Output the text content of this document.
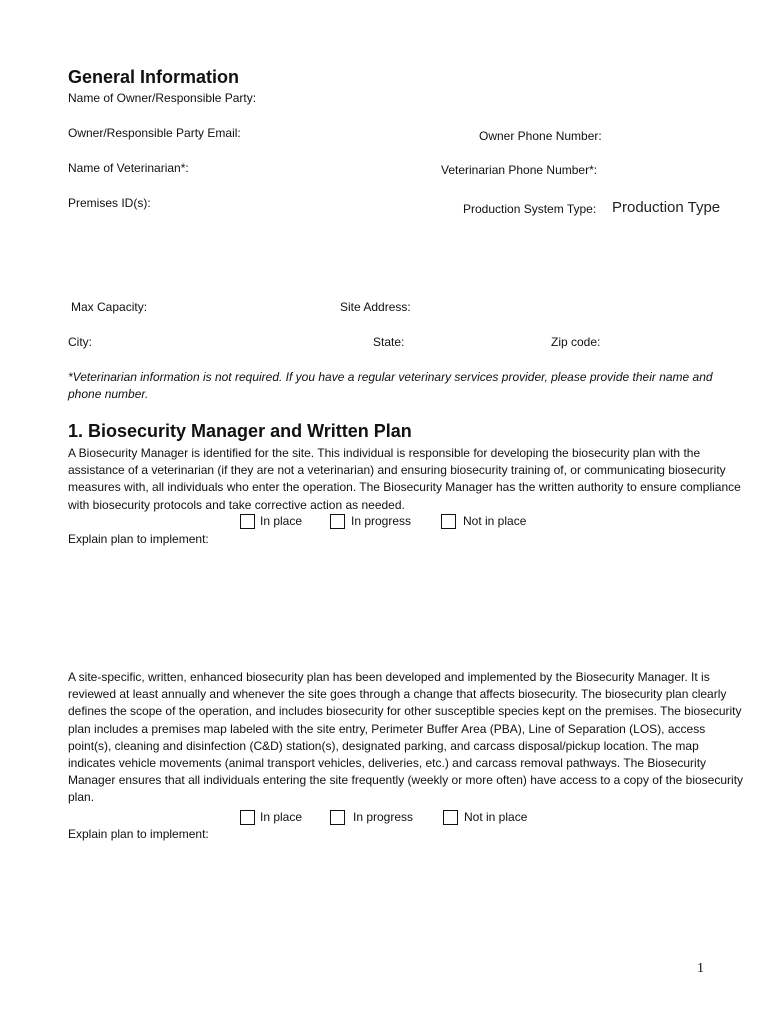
General Information
Name of Owner/Responsible Party:
Owner/Responsible Party Email:	Owner Phone Number:
Name of Veterinarian*:	Veterinarian Phone Number*:
Premises ID(s):	Production System Type: Production Type
Max Capacity:	Site Address:
City:	State:	Zip code:
*Veterinarian information is not required. If you have a regular veterinary services provider, please provide their name and phone number.
1. Biosecurity Manager and Written Plan
A Biosecurity Manager is identified for the site. This individual is responsible for developing the biosecurity plan with the assistance of a veterinarian (if they are not a veterinarian) and ensuring biosecurity training of, or communicating biosecurity measures with, all individuals who enter the operation. The Biosecurity Manager has the written authority to ensure compliance with biosecurity protocols and take corrective action as needed.
In place	In progress	Not in place
Explain plan to implement:
A site-specific, written, enhanced biosecurity plan has been developed and implemented by the Biosecurity Manager. It is reviewed at least annually and whenever the site goes through a change that affects biosecurity. The biosecurity plan clearly defines the scope of the operation, and includes biosecurity for other susceptible species kept on the premises. The biosecurity plan includes a premises map labeled with the site entry, Perimeter Buffer Area (PBA), Line of Separation (LOS), access point(s), cleaning and disinfection (C&D) station(s), designated parking, and carcass disposal/pickup location. The map indicates vehicle movements (animal transport vehicles, deliveries, etc.) and carcass removal pathways. The Biosecurity Manager ensures that all individuals entering the site frequently (weekly or more often) have access to a copy of the biosecurity plan.
In place	In progress	Not in place
Explain plan to implement:
1
